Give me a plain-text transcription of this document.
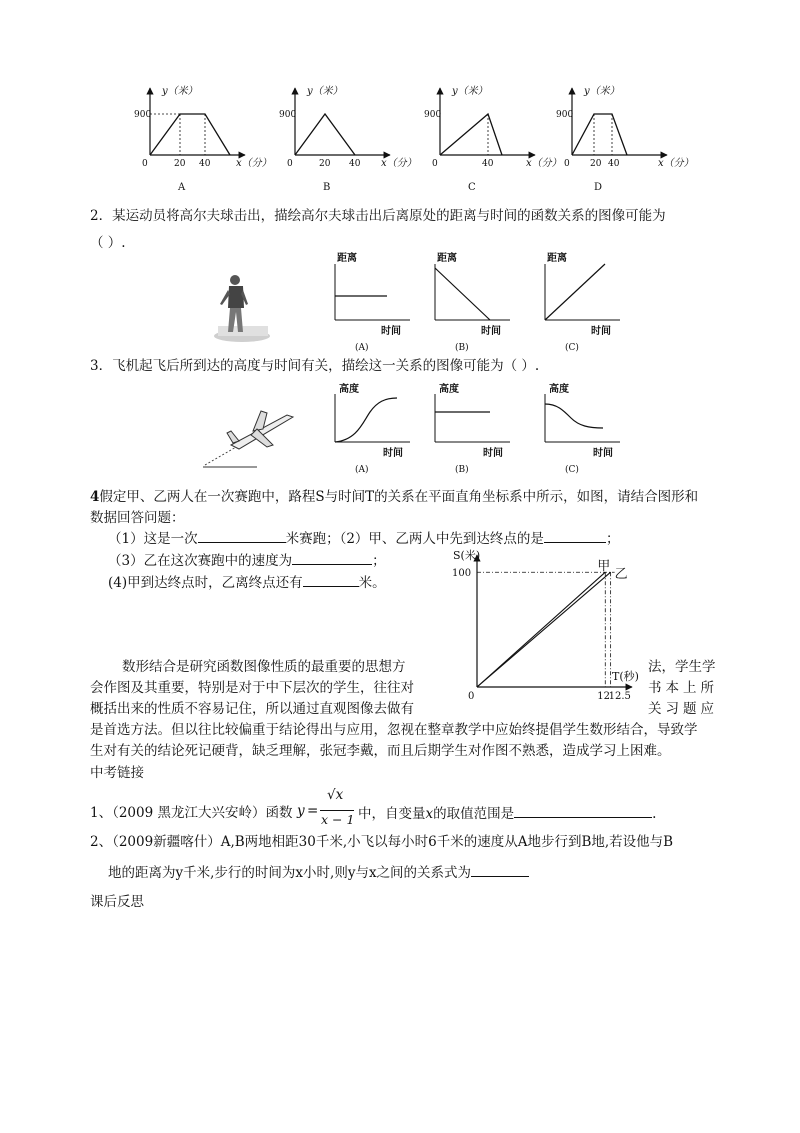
y（米）
900
0	20 40	x（分）
A
y（米）
900
0	20 40 x（分）
B
y（米）
900
0	40	x（分）
C
y（米）
900
0 20 40	x（分）
D
2．某运动员将高尔夫球击出，描绘高尔夫球击出后离原处的距离与时间的函数关系的图像可能为
（ ）.
距离
时间
(A)
距离
时间
(B)
距离
时间
(C)
3．飞机起飞后所到达的高度与时间有关，描绘这一关系的图像可能为（ ）.
高度
时间
(A)
高度
时间
(B)
高度
时间
(C)
4假定甲、乙两人在一次赛跑中，路程S与时间T的关系在平面直角坐标系中所示，如图，请结合图形和
数据回答问题：
（1）这是一次	米赛跑；（2）甲、乙两人中先到达终点的是	；
（3）乙在这次赛跑中的速度为	；
(4)甲到达终点时，乙离终点还有	米。
S(米)
T(秒)
0
100
12
12.5
甲
乙
数形结合是研究函数图像性质的最重要的思想方	法，学生学
会作图及其重要，特别是对于中下层次的学生，往往对	书本上所
概括出来的性质不容易记住，所以通过直观图像去做有	关习题应
是首选方法。但以往比较偏重于结论得出与应用，忽视在整章教学中应始终提倡学生数形结合，导致学
生对有关的结论死记硬背，缺乏理解，张冠李戴，而且后期学生对作图不熟悉，造成学习上困难。
中考链接
1、（2009 黑龙江大兴安岭）函数 y =
√x
x − 1 中，自变量x的取值范围是	.
2、（2009新疆喀什）A,B两地相距30千米,小飞以每小时6千米的速度从A地步行到B地,若设他与B
地的距离为y千米,步行的时间为x小时,则y与x之间的关系式为
课后反思
